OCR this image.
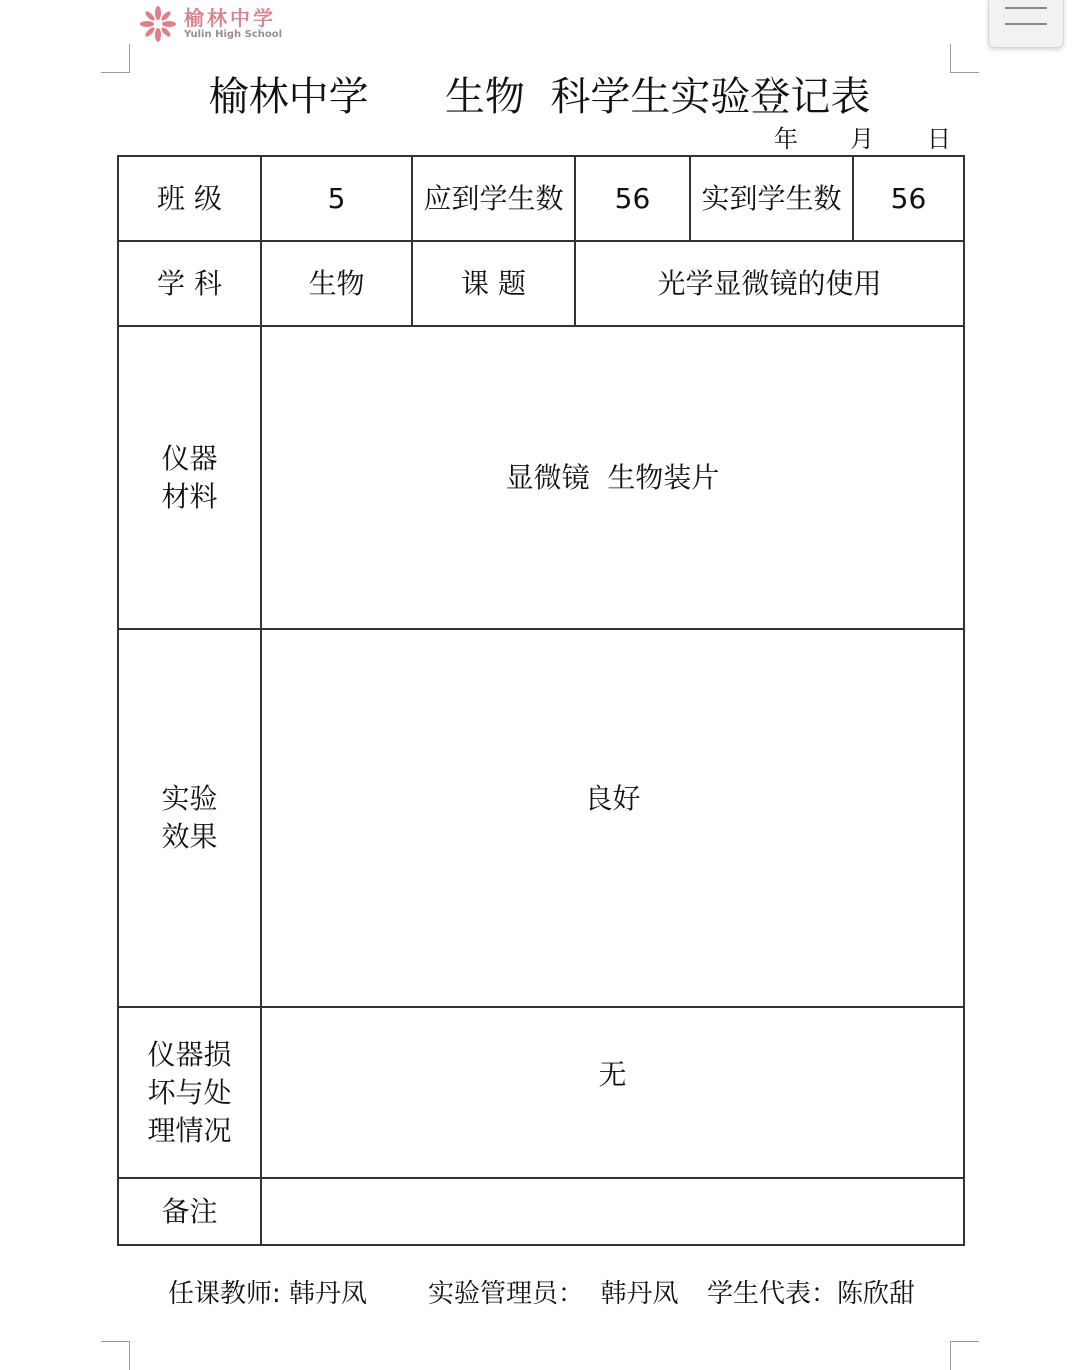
榆林中学
Yulin High School
榆林中学 生物 科学生实验登记表
年 月 日
班 级	5	应到学生数	56	实到学生数	56
学 科	生物	课 题	光学显微镜的使用		

仪器
材料	显微镜  生物装片				

实验
效果	良好				

仪器损
坏与处
理情况	无				

备注					
任课教师: 韩丹凤 实验管理员：  韩丹凤 学生代表：陈欣甜
